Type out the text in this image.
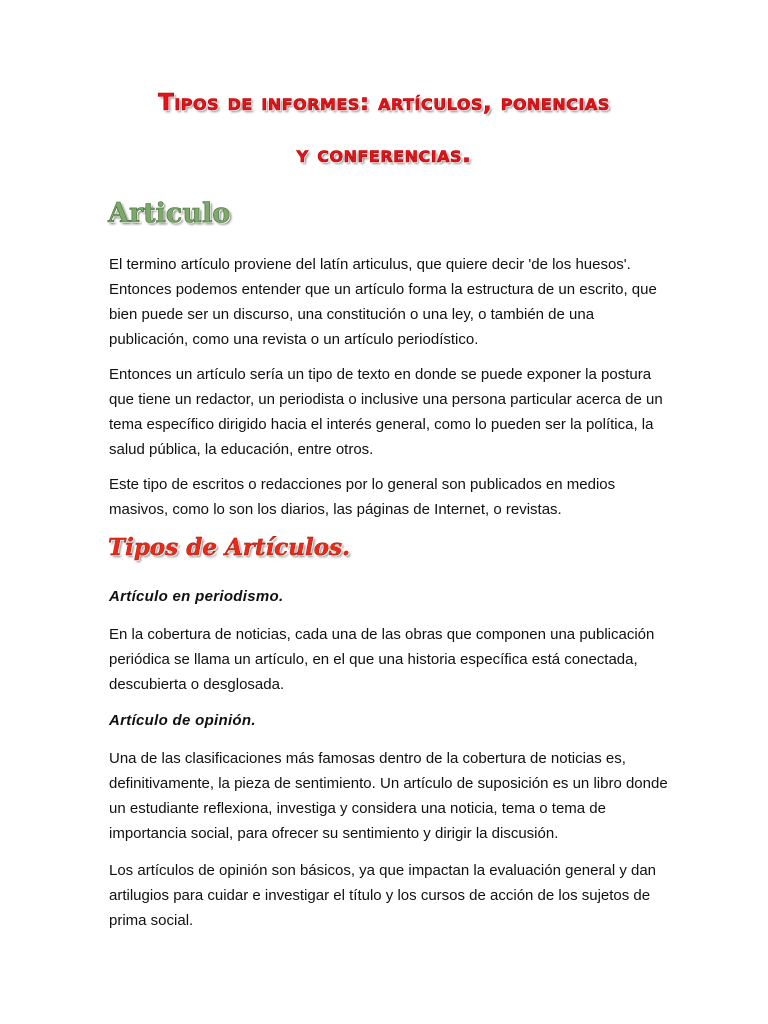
Tipos de informes: artículos, ponencias
y conferencias.
Articulo

El termino artículo proviene del latín articulus, que quiere decir 'de los huesos'. Entonces podemos entender que un artículo forma la estructura de un escrito, que bien puede ser un discurso, una constitución o una ley, o también de una publicación, como una revista o un artículo periodístico.

Entonces un artículo sería un tipo de texto en donde se puede exponer la postura que tiene un redactor, un periodista o inclusive una persona particular acerca de un tema específico dirigido hacia el interés general, como lo pueden ser la política, la salud pública, la educación, entre otros.

Este tipo de escritos o redacciones por lo general son publicados en medios masivos, como lo son los diarios, las páginas de Internet, o revistas.

Tipos de Artículos.
Artículo en periodismo.

En la cobertura de noticias, cada una de las obras que componen una publicación periódica se llama un artículo, en el que una historia específica está conectada, descubierta o desglosada.

Artículo de opinión.

Una de las clasificaciones más famosas dentro de la cobertura de noticias es, definitivamente, la pieza de sentimiento. Un artículo de suposición es un libro donde un estudiante reflexiona, investiga y considera una noticia, tema o tema de importancia social, para ofrecer su sentimiento y dirigir la discusión.

Los artículos de opinión son básicos, ya que impactan la evaluación general y dan artilugios para cuidar e investigar el título y los cursos de acción de los sujetos de prima social.
